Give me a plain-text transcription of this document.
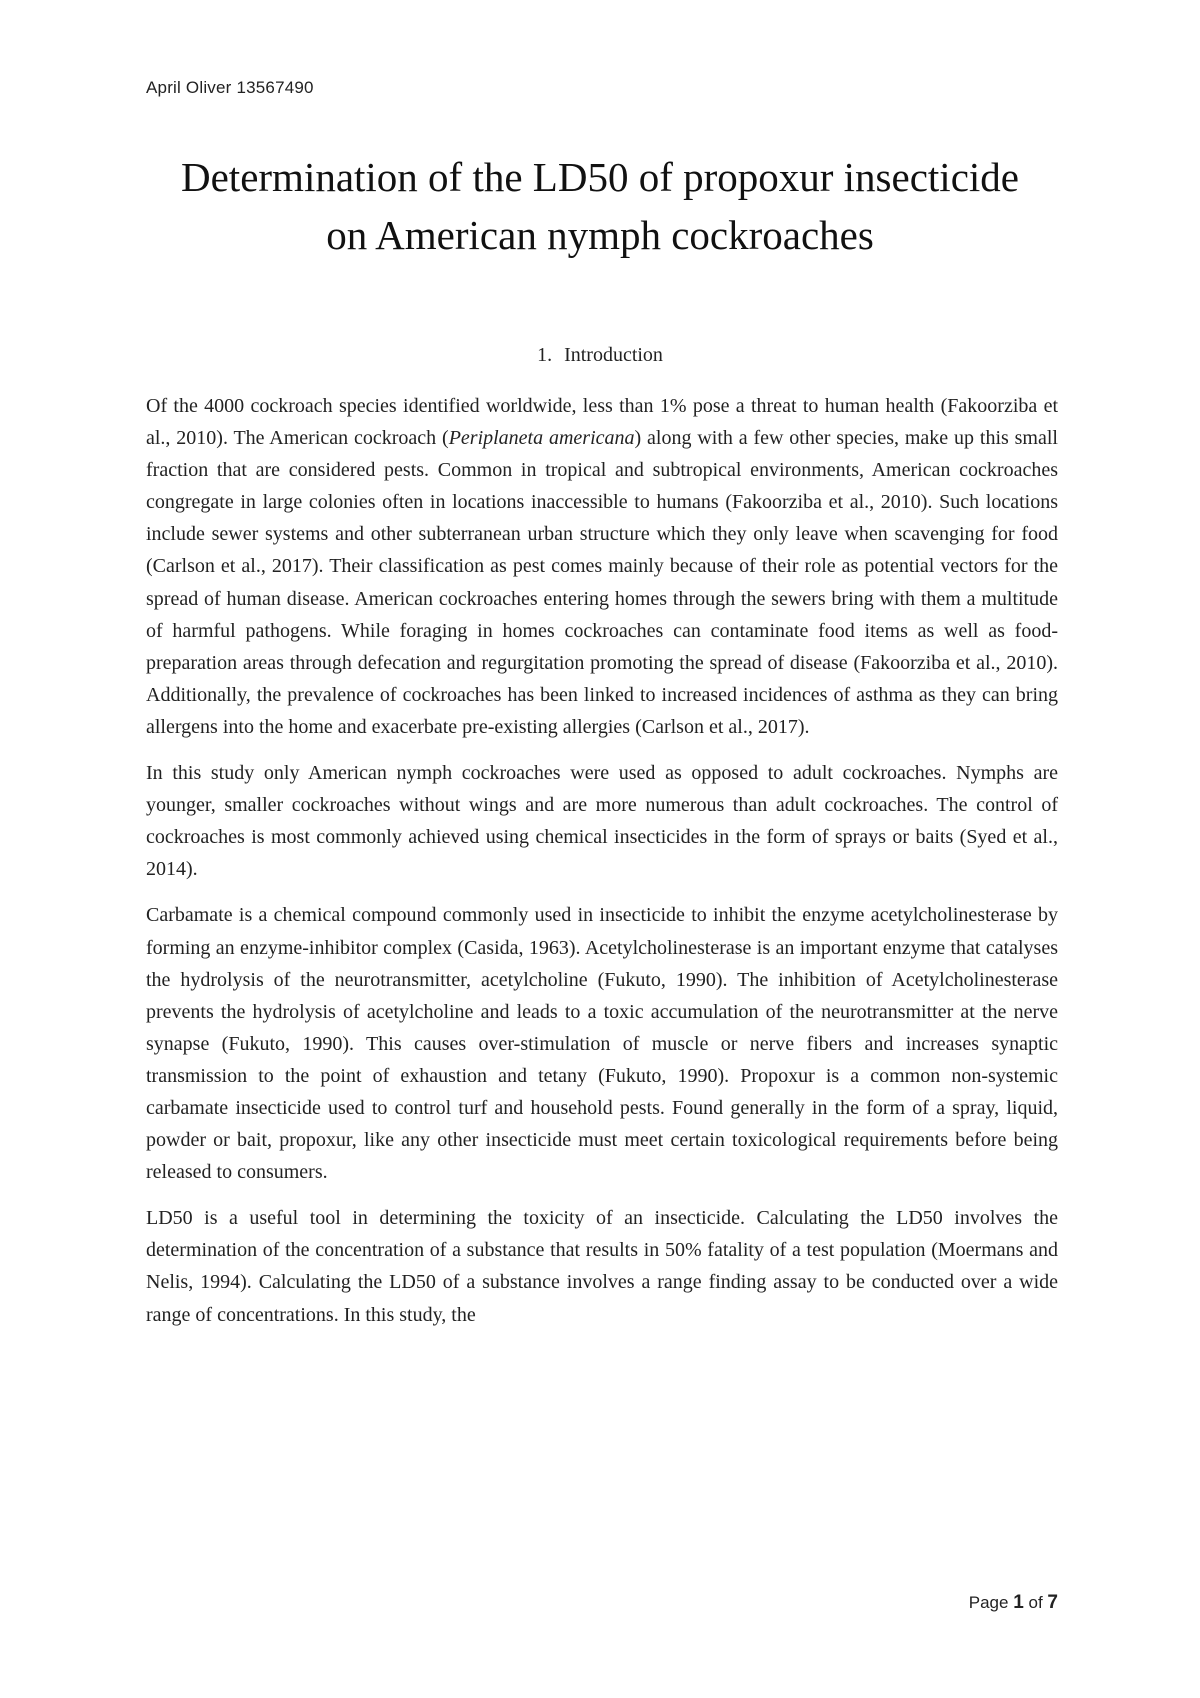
April Oliver 13567490
Determination of the LD50 of propoxur insecticide
on American nymph cockroaches
1. Introduction

Of the 4000 cockroach species identified worldwide, less than 1% pose a threat to human health (Fakoorziba et al., 2010). The American cockroach (Periplaneta americana) along with a few other species, make up this small fraction that are considered pests. Common in tropical and subtropical environments, American cockroaches congregate in large colonies often in locations inaccessible to humans (Fakoorziba et al., 2010). Such locations include sewer systems and other subterranean urban structure which they only leave when scavenging for food (Carlson et al., 2017). Their classification as pest comes mainly because of their role as potential vectors for the spread of human disease. American cockroaches entering homes through the sewers bring with them a multitude of harmful pathogens. While foraging in homes cockroaches can contaminate food items as well as food-preparation areas through defecation and regurgitation promoting the spread of disease (Fakoorziba et al., 2010). Additionally, the prevalence of cockroaches has been linked to increased incidences of asthma as they can bring allergens into the home and exacerbate pre-existing allergies (Carlson et al., 2017).

In this study only American nymph cockroaches were used as opposed to adult cockroaches. Nymphs are younger, smaller cockroaches without wings and are more numerous than adult cockroaches. The control of cockroaches is most commonly achieved using chemical insecticides in the form of sprays or baits (Syed et al., 2014).

Carbamate is a chemical compound commonly used in insecticide to inhibit the enzyme acetylcholinesterase by forming an enzyme-inhibitor complex (Casida, 1963). Acetylcholinesterase is an important enzyme that catalyses the hydrolysis of the neurotransmitter, acetylcholine (Fukuto, 1990). The inhibition of Acetylcholinesterase prevents the hydrolysis of acetylcholine and leads to a toxic accumulation of the neurotransmitter at the nerve synapse (Fukuto, 1990). This causes over-stimulation of muscle or nerve fibers and increases synaptic transmission to the point of exhaustion and tetany (Fukuto, 1990). Propoxur is a common non-systemic carbamate insecticide used to control turf and household pests. Found generally in the form of a spray, liquid, powder or bait, propoxur, like any other insecticide must meet certain toxicological requirements before being released to consumers.

LD50 is a useful tool in determining the toxicity of an insecticide. Calculating the LD50 involves the determination of the concentration of a substance that results in 50% fatality of a test population (Moermans and Nelis, 1994). Calculating the LD50 of a substance involves a range finding assay to be conducted over a wide range of concentrations. In this study, the

Page 1 of 7
